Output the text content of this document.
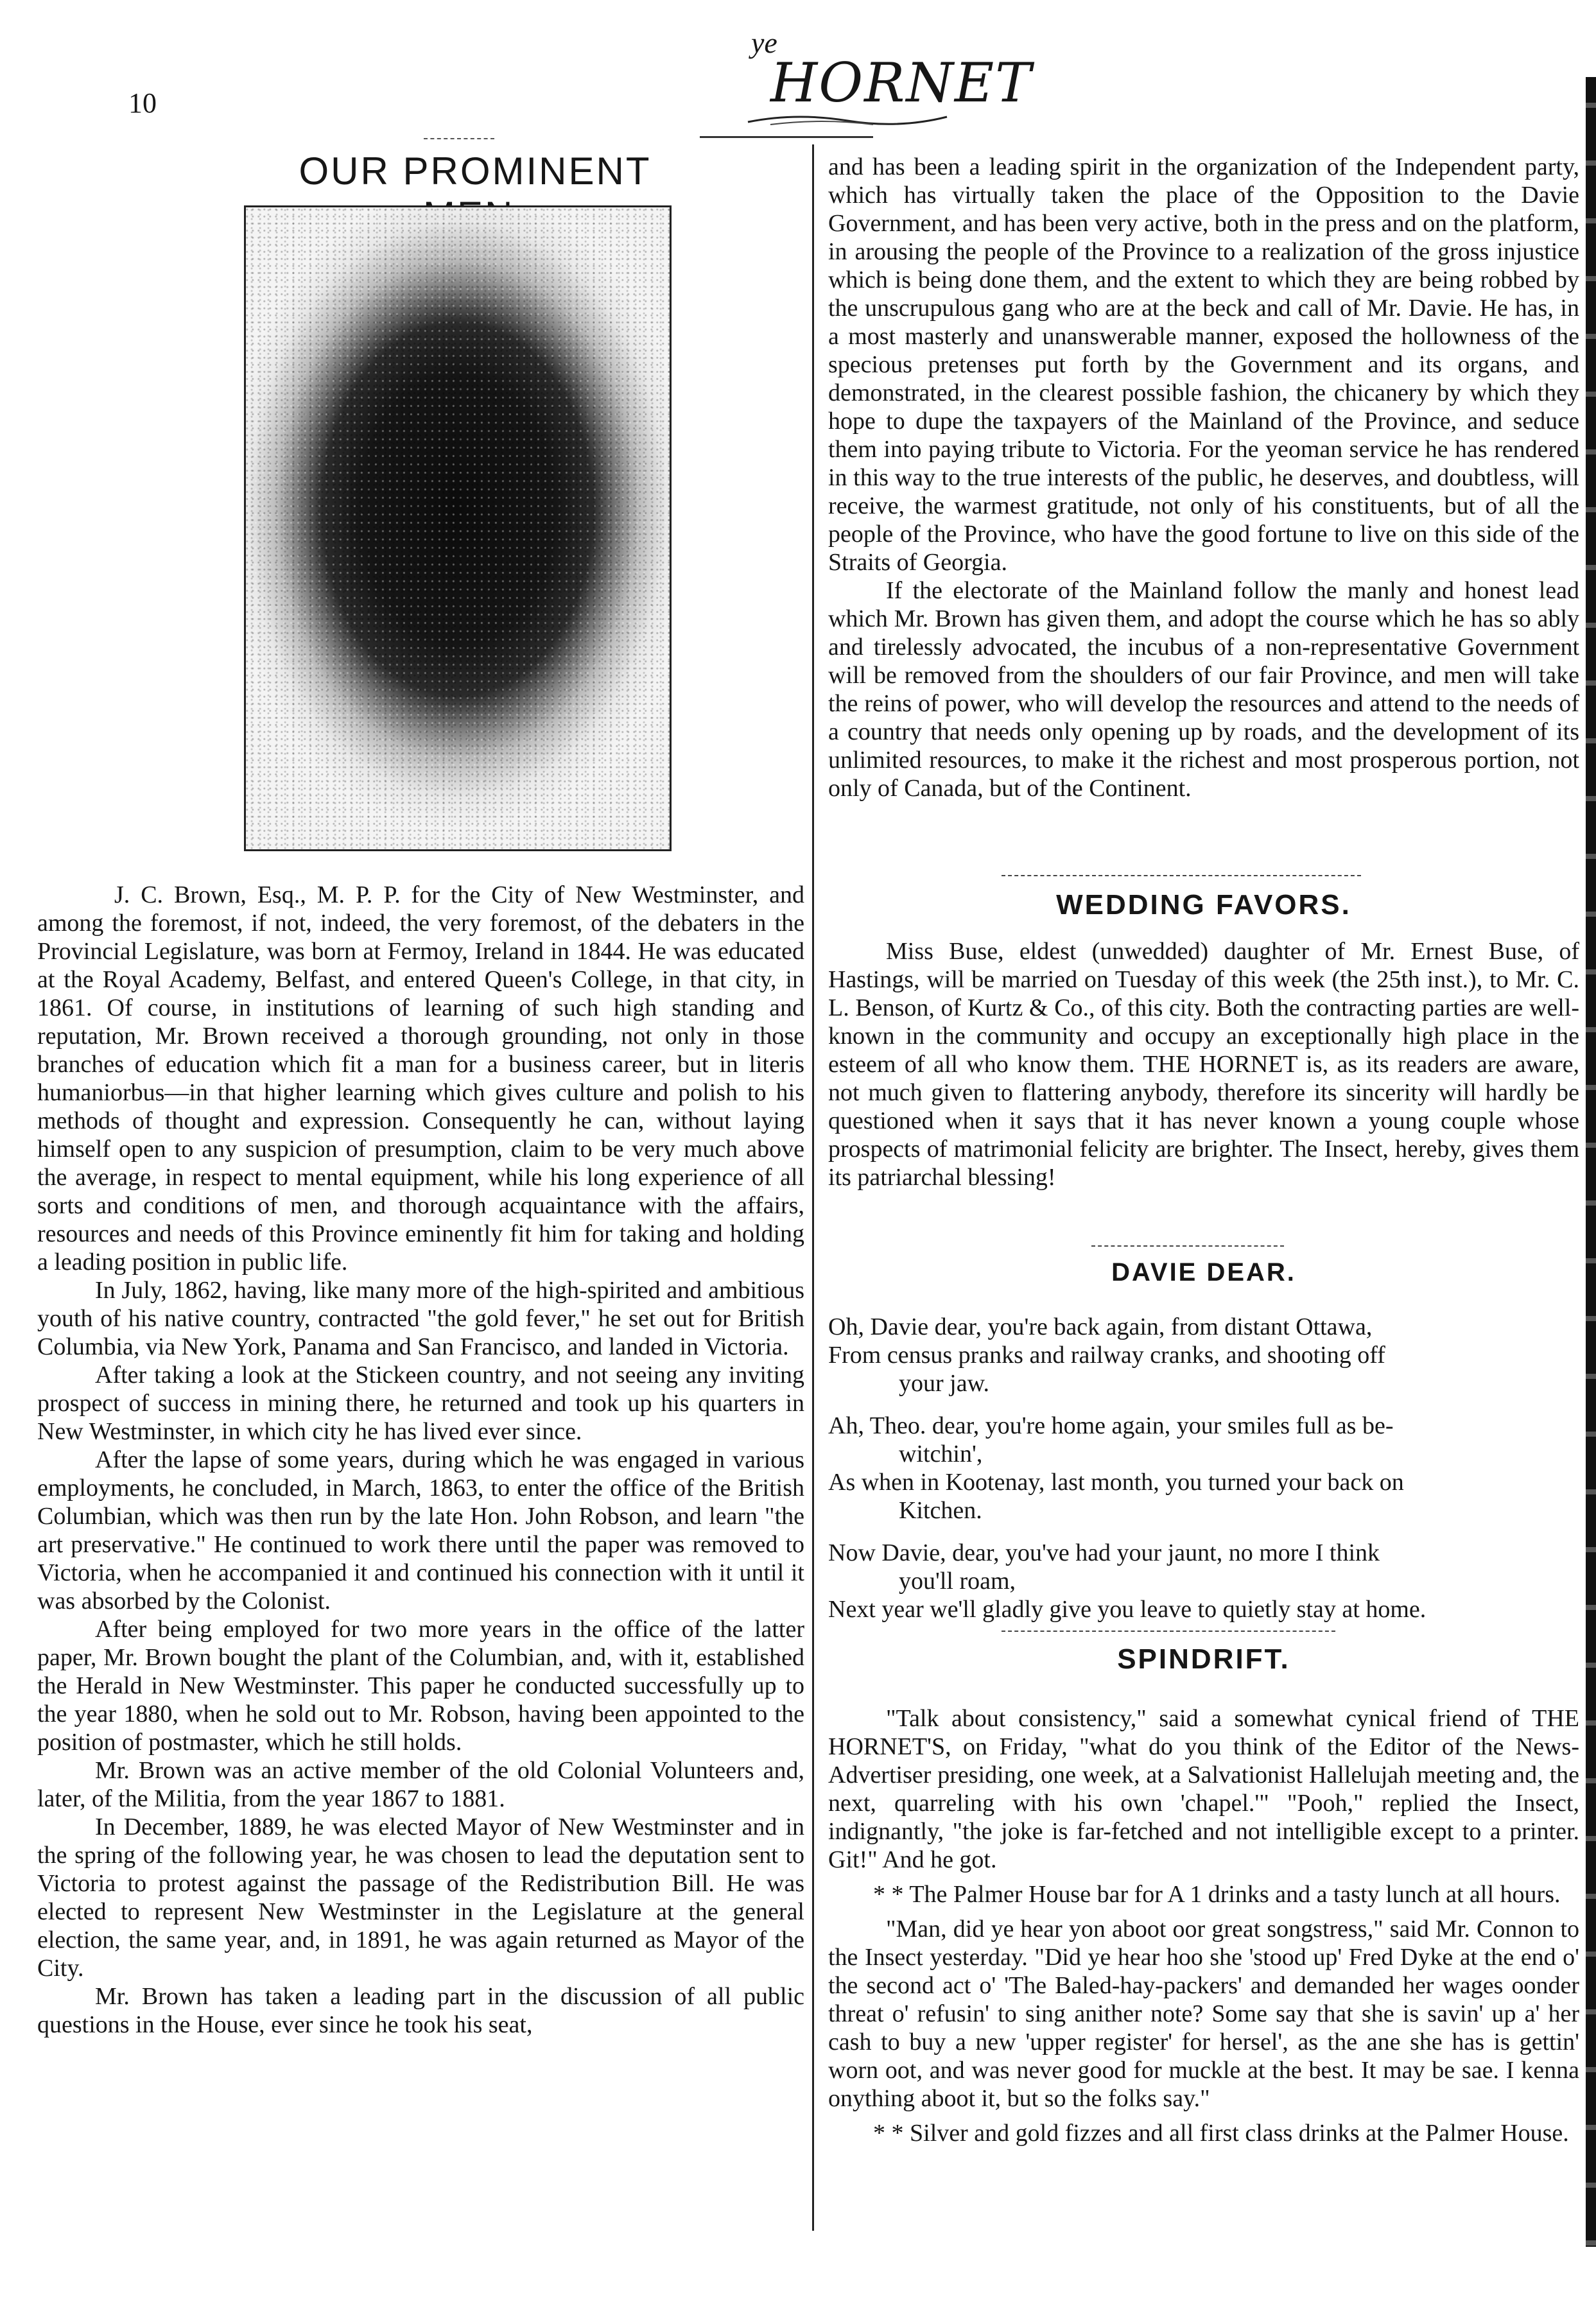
10
ye
HORNET
OUR PROMINENT

J. C. Brown, Esq., M. P. P. for the City of New Westminster, and among the foremost, if not, indeed, the very foremost, of the debaters in the Provincial Legislature, was born at Fermoy, Ireland in 1844. He was educated at the Royal Academy, Belfast, and entered Queen's College, in that city, in 1861. Of course, in institutions of learning of such high standing and reputation, Mr. Brown received a thorough grounding, not only in those branches of education which fit a man for a business career, but in literis humaniorbus—in that higher learning which gives culture and polish to his methods of thought and expression. Consequently he can, without laying himself open to any suspicion of presumption, claim to be very much above the average, in respect to mental equipment, while his long experience of all sorts and conditions of men, and thorough acquaintance with the affairs, resources and needs of this Province eminently fit him for taking and holding a leading position in public life.

In July, 1862, having, like many more of the high-spirited and ambitious youth of his native country, contracted "the gold fever," he set out for British Columbia, via New York, Panama and San Francisco, and landed in Victoria.

After taking a look at the Stickeen country, and not seeing any inviting prospect of success in mining there, he returned and took up his quarters in New Westminster, in which city he has lived ever since.

After the lapse of some years, during which he was engaged in various employments, he concluded, in March, 1863, to enter the office of the British Columbian, which was then run by the late Hon. John Robson, and learn "the art preservative." He continued to work there until the paper was removed to Victoria, when he accompanied it and continued his connection with it until it was absorbed by the Colonist.

After being employed for two more years in the office of the latter paper, Mr. Brown bought the plant of the Columbian, and, with it, established the Herald in New Westminster. This paper he conducted successfully up to the year 1880, when he sold out to Mr. Robson, having been appointed to the position of postmaster, which he still holds.

Mr. Brown was an active member of the old Colonial Volunteers and, later, of the Militia, from the year 1867 to 1881.

In December, 1889, he was elected Mayor of New Westminster and in the spring of the following year, he was chosen to lead the deputation sent to Victoria to protest against the passage of the Redistribution Bill. He was elected to represent New Westminster in the Legislature at the general election, the same year, and, in 1891, he was again returned as Mayor of the City.

Mr. Brown has taken a leading part in the discussion of all public questions in the House, ever since he took his seat,

and has been a leading spirit in the organization of the Independent party, which has virtually taken the place of the Opposition to the Davie Government, and has been very active, both in the press and on the platform, in arousing the people of the Province to a realization of the gross injustice which is being done them, and the extent to which they are being robbed by the unscrupulous gang who are at the beck and call of Mr. Davie. He has, in a most masterly and unanswerable manner, exposed the hollowness of the specious pretenses put forth by the Government and its organs, and demonstrated, in the clearest possible fashion, the chicanery by which they hope to dupe the taxpayers of the Mainland of the Province, and seduce them into paying tribute to Victoria. For the yeoman service he has rendered in this way to the true interests of the public, he deserves, and doubtless, will receive, the warmest gratitude, not only of his constituents, but of all the people of the Province, who have the good fortune to live on this side of the Straits of Georgia.

If the electorate of the Mainland follow the manly and honest lead which Mr. Brown has given them, and adopt the course which he has so ably and tirelessly advocated, the incubus of a non-representative Government will be removed from the shoulders of our fair Province, and men will take the reins of power, who will develop the resources and attend to the needs of a country that needs only opening up by roads, and the development of its unlimited resources, to make it the richest and most prosperous portion, not only of Canada, but of the Continent.

WEDDING FAVORS.

Miss Buse, eldest (unwedded) daughter of Mr. Ernest Buse, of Hastings, will be married on Tuesday of this week (the 25th inst.), to Mr. C. L. Benson, of Kurtz & Co., of this city. Both the contracting parties are well-known in the community and occupy an exceptionally high place in the esteem of all who know them. THE HORNET is, as its readers are aware, not much given to flattering anybody, therefore its sincerity will hardly be questioned when it says that it has never known a young couple whose prospects of matrimonial felicity are brighter. The Insect, hereby, gives them its patriarchal blessing!

DAVIE DEAR.
Oh, Davie dear, you're back again, from distant Ottawa,
From census pranks and railway cranks, and shooting off
your jaw.
Ah, Theo. dear, you're home again, your smiles full as be-
witchin',
As when in Kootenay, last month, you turned your back on
Kitchen.
Now Davie, dear, you've had your jaunt, no more I think
you'll roam,
Next year we'll gladly give you leave to quietly stay at home.
SPINDRIFT.

"Talk about consistency," said a somewhat cynical friend of THE HORNET'S, on Friday, "what do you think of the Editor of the News-Advertiser presiding, one week, at a Salvationist Hallelujah meeting and, the next, quarreling with his own 'chapel.'" "Pooh," replied the Insect, indignantly, "the joke is far-fetched and not intelligible except to a printer. Git!" And he got.

* * The Palmer House bar for A 1 drinks and a tasty lunch at all hours.

"Man, did ye hear yon aboot oor great songstress," said Mr. Connon to the Insect yesterday. "Did ye hear hoo she 'stood up' Fred Dyke at the end o' the second act o' 'The Baled-hay-packers' and demanded her wages oonder threat o' refusin' to sing anither note? Some say that she is savin' up a' her cash to buy a new 'upper register' for hersel', as the ane she has is gettin' worn oot, and was never good for muckle at the best. It may be sae. I kenna onything aboot it, but so the folks say."

* * Silver and gold fizzes and all first class drinks at the Palmer House.
